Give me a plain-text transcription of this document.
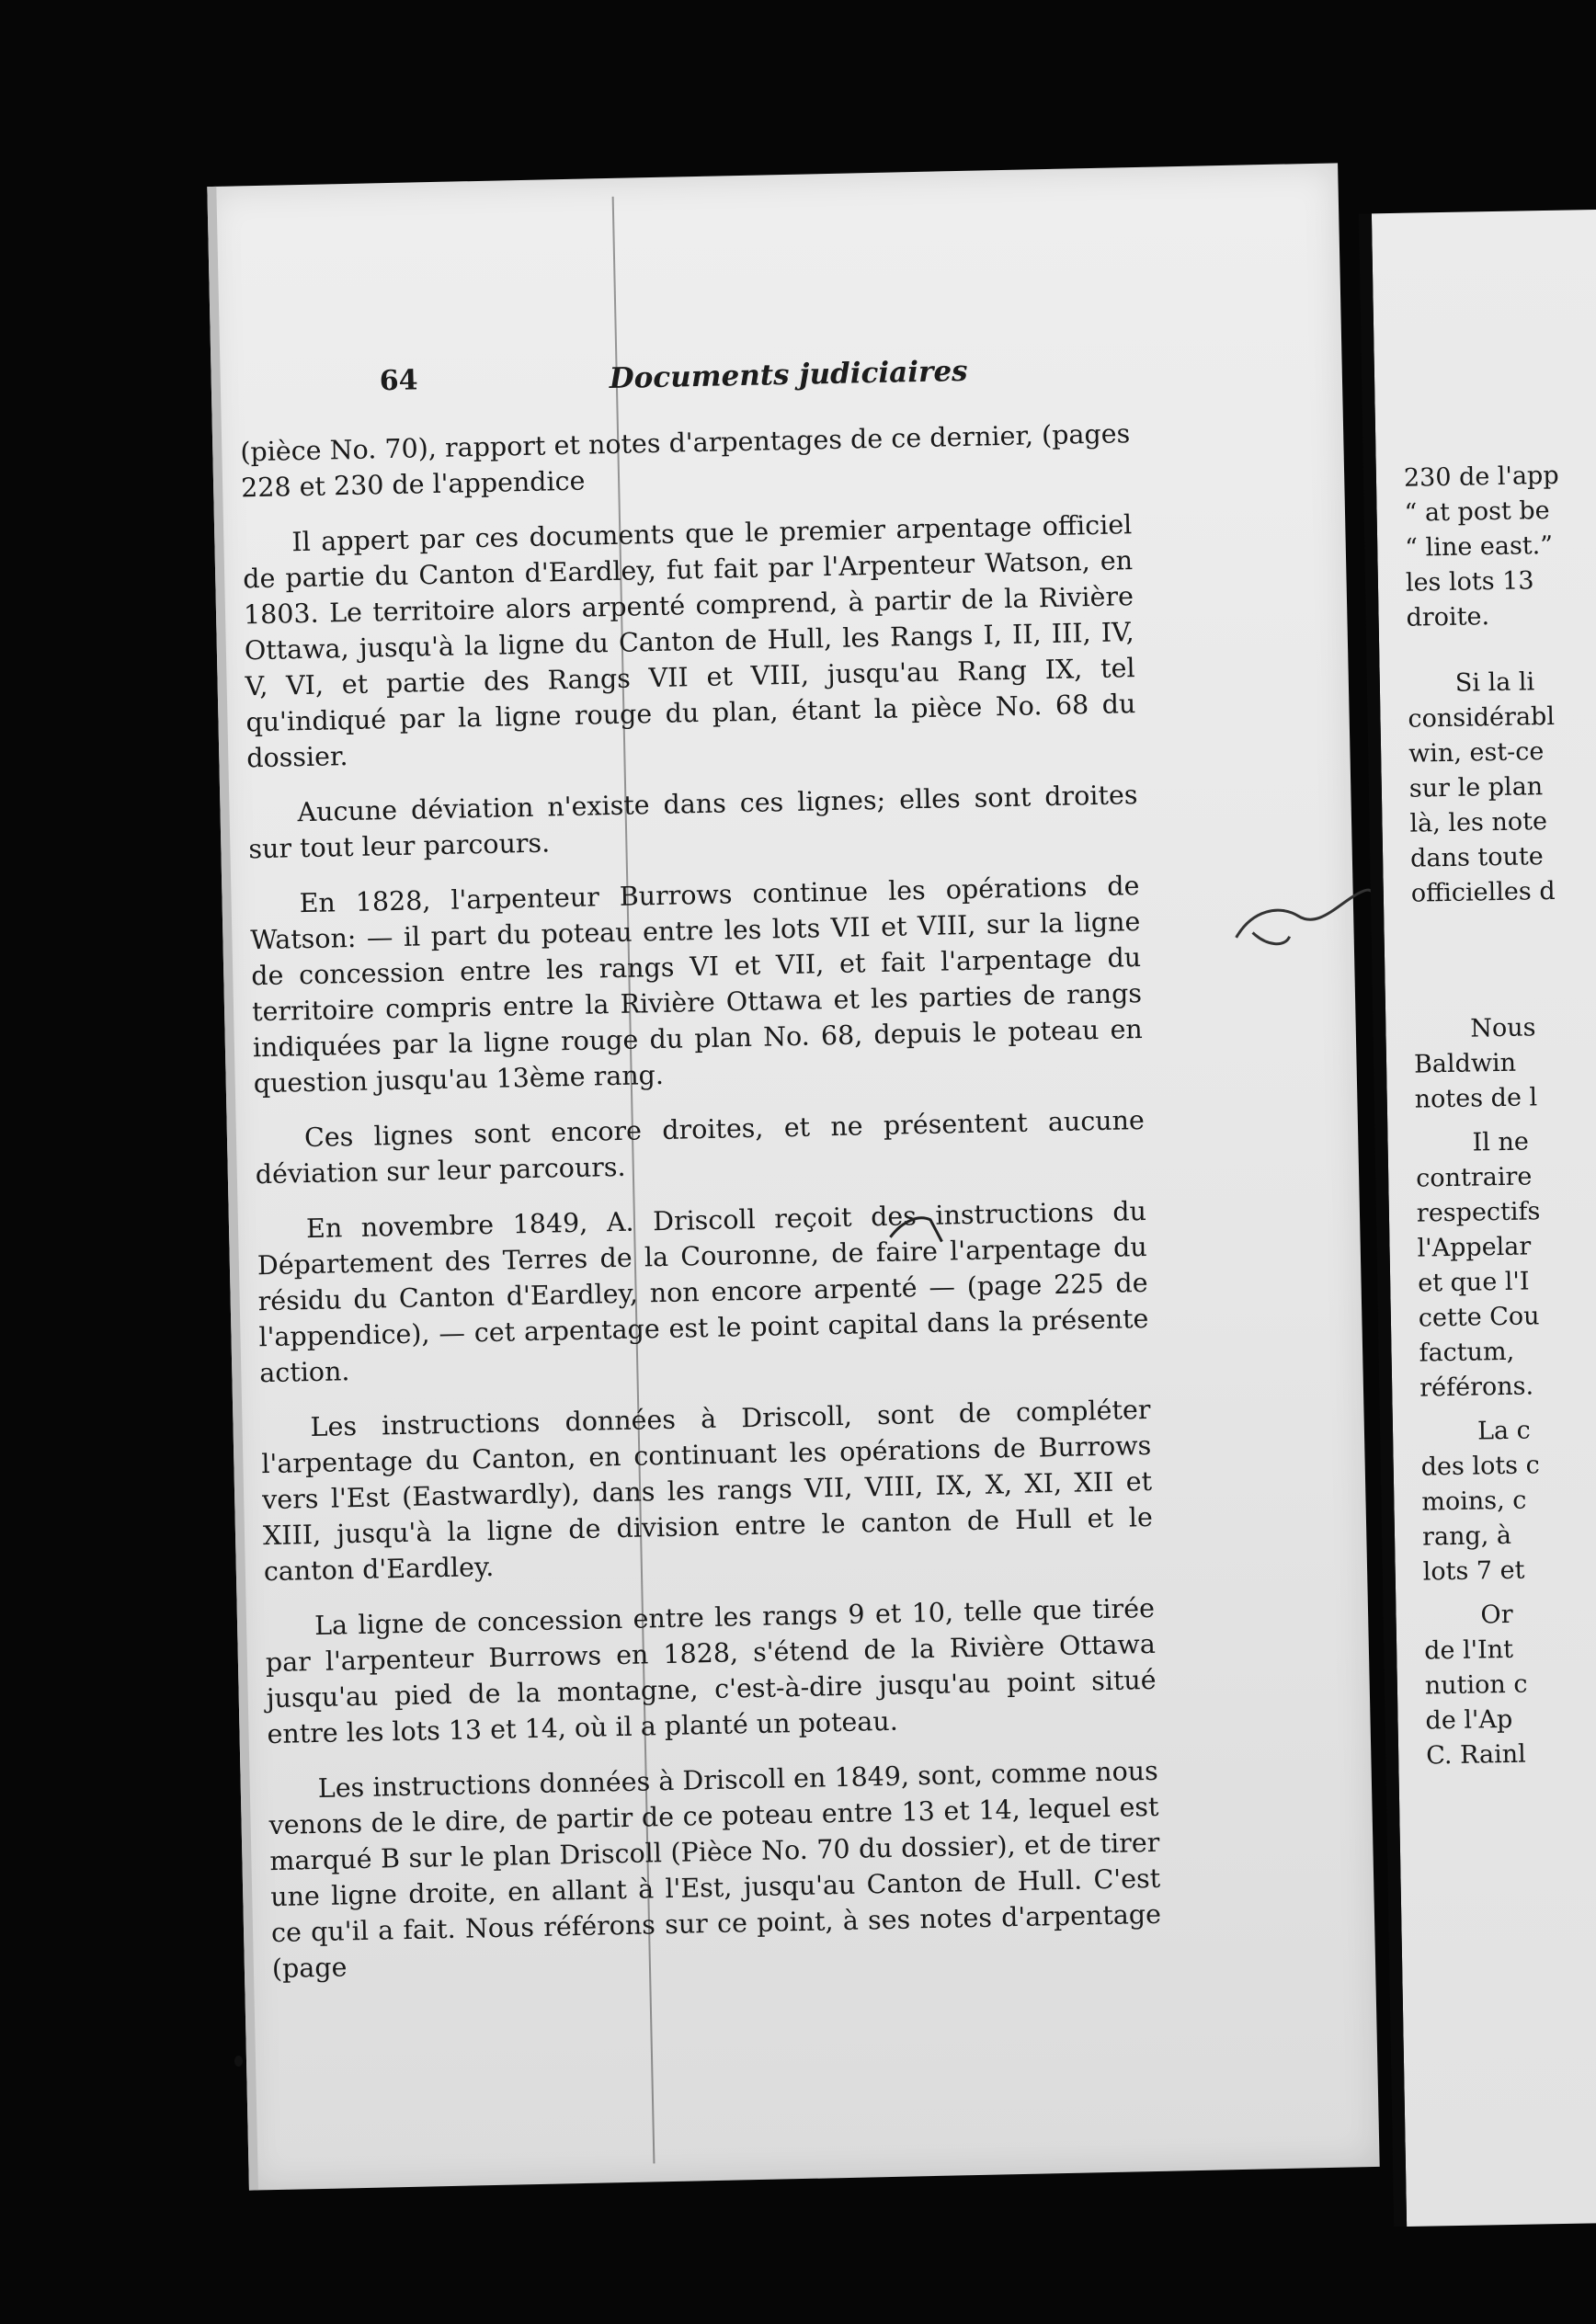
64	Documents judiciaires

(pièce No. 70), rapport et notes d'arpentages de ce dernier, (pages 228 et 230 de l'appendice

Il appert par ces documents que le premier arpentage officiel de partie du Canton d'Eardley, fut fait par l'Arpenteur Watson, en 1803. Le territoire alors arpenté comprend, à partir de la Rivière Ottawa, jusqu'à la ligne du Canton de Hull, les Rangs I, II, III, IV, V, VI, et partie des Rangs VII et VIII, jusqu'au Rang IX, tel qu'indiqué par la ligne rouge du plan, étant la pièce No. 68 du dossier.

Aucune déviation n'existe dans ces lignes; elles sont droites sur tout leur parcours.

En 1828, l'arpenteur Burrows continue les opérations de Watson: — il part du poteau entre les lots VII et VIII, sur la ligne de concession entre les rangs VI et VII, et fait l'arpentage du territoire compris entre la Rivière Ottawa et les parties de rangs indiquées par la ligne rouge du plan No. 68, depuis le poteau en question jusqu'au 13ème rang.

Ces lignes sont encore droites, et ne présentent aucune déviation sur leur parcours.

En novembre 1849, A. Driscoll reçoit des instructions du Département des Terres de la Couronne, de faire l'arpentage du résidu du Canton d'Eardley, non encore arpenté — (page 225 de l'appendice), — cet arpentage est le point capital dans la présente action.

Les instructions données à Driscoll, sont de compléter l'arpentage du Canton, en continuant les opérations de Burrows vers l'Est (Eastwardly), dans les rangs VII, VIII, IX, X, XI, XII et XIII, jusqu'à la ligne de division entre le canton de Hull et le canton d'Eardley.

La ligne de concession entre les rangs 9 et 10, telle que tirée par l'arpenteur Burrows en 1828, s'étend de la Rivière Ottawa jusqu'au pied de la montagne, c'est-à-dire jusqu'au point situé entre les lots 13 et 14, où il a planté un poteau.

Les instructions données à Driscoll en 1849, sont, comme nous venons de le dire, de partir de ce poteau entre 13 et 14, lequel est marqué B sur le plan Driscoll (Pièce No. 70 du dossier), et de tirer une ligne droite, en allant à l'Est, jusqu'au Canton de Hull. C'est ce qu'il a fait. Nous référons sur ce point, à ses notes d'arpentage (page

230 de l'app
“ at post be
“ line east.”
les lots 13
droite.
Si la li
considérabl
win, est-ce
sur le plan
là, les note
dans toute
officielles d
Nous
Baldwin
notes de l
Il ne
contraire
respectifs
l'Appelar
et que l'I
cette Cou
factum,
référons.
La c
des lots c
moins, c
rang, à
lots 7 et
Or
de l'Int
nution c
de l'Ap
C. Rainl
